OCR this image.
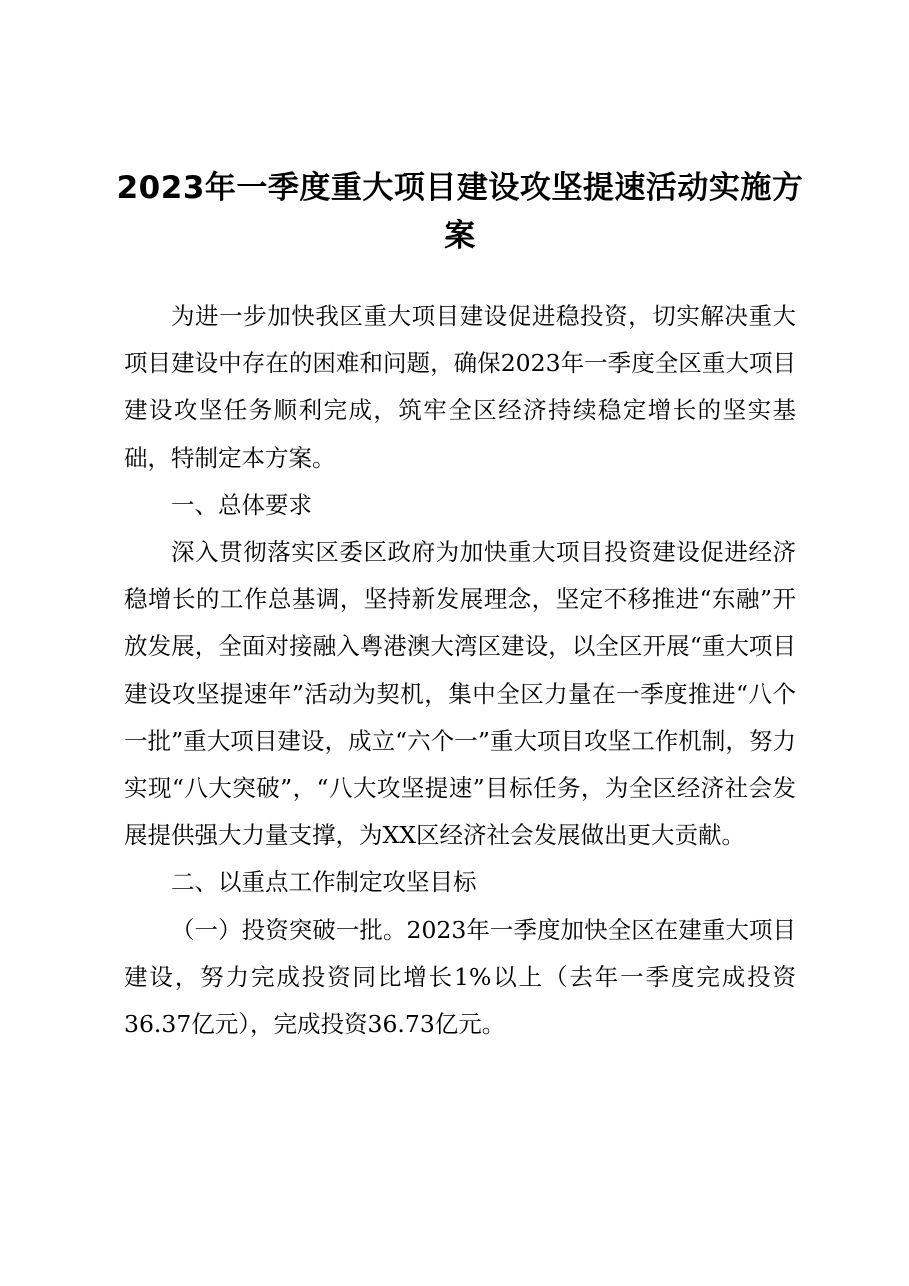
2023年一季度重大项目建设攻坚提速活动实施方案

为进一步加快我区重大项目建设促进稳投资，切实解决重大项目建设中存在的困难和问题，确保2023年一季度全区重大项目建设攻坚任务顺利完成，筑牢全区经济持续稳定增长的坚实基础，特制定本方案。

一、总体要求

深入贯彻落实区委区政府为加快重大项目投资建设促进经济稳增长的工作总基调，坚持新发展理念，坚定不移推进“东融”开放发展，全面对接融入粤港澳大湾区建设，以全区开展“重大项目建设攻坚提速年”活动为契机，集中全区力量在一季度推进“八个一批”重大项目建设，成立“六个一”重大项目攻坚工作机制，努力实现“八大突破”，“八大攻坚提速”目标任务，为全区经济社会发展提供强大力量支撑，为XX区经济社会发展做出更大贡献。

二、以重点工作制定攻坚目标

（一）投资突破一批。2023年一季度加快全区在建重大项目建设，努力完成投资同比增长1%以上（去年一季度完成投资36.37亿元），完成投资36.73亿元。
